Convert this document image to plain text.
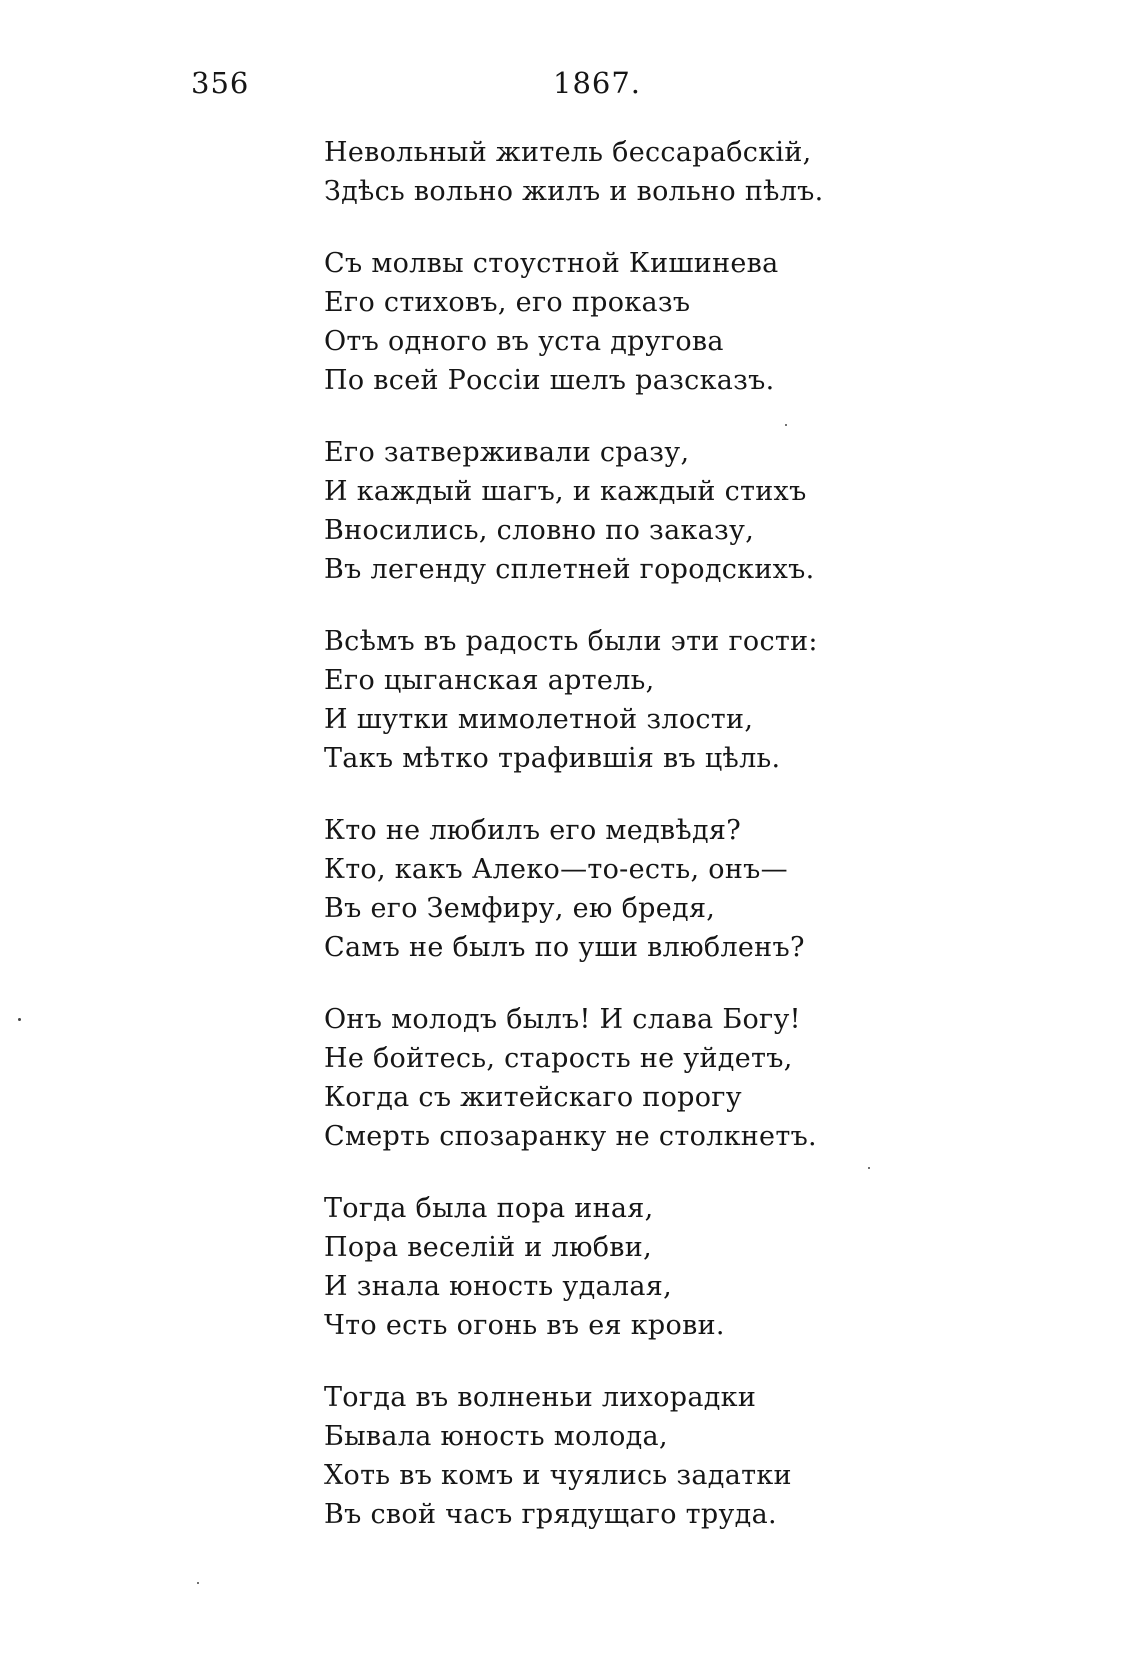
356	1867.
Невольный житель бессарабскій,
Здѣсь вольно жилъ и вольно пѣлъ.
Съ молвы стоустной Кишинева
Его стиховъ, его проказъ
Отъ одного въ уста другова
По всей Россіи шелъ разсказъ.
Его затверживали сразу,
И каждый шагъ, и каждый стихъ
Вносились, словно по заказу,
Въ легенду сплетней городскихъ.
Всѣмъ въ радость были эти гости:
Его цыганская артель,
И шутки мимолетной злости,
Такъ мѣтко трафившія въ цѣль.
Кто не любилъ его медвѣдя?
Кто, какъ Алеко—то-есть, онъ—
Въ его Земфиру, ею бредя,
Самъ не былъ по уши влюбленъ?
Онъ молодъ былъ! И слава Богу!
Не бойтесь, старость не уйдетъ,
Когда съ житейскаго порогу
Смерть спозаранку не столкнетъ.
Тогда была пора иная,
Пора веселій и любви,
И знала юность удалая,
Что есть огонь въ ея крови.
Тогда въ волненьи лихорадки
Бывала юность молода,
Хоть въ комъ и чуялись задатки
Въ свой часъ грядущаго труда.
